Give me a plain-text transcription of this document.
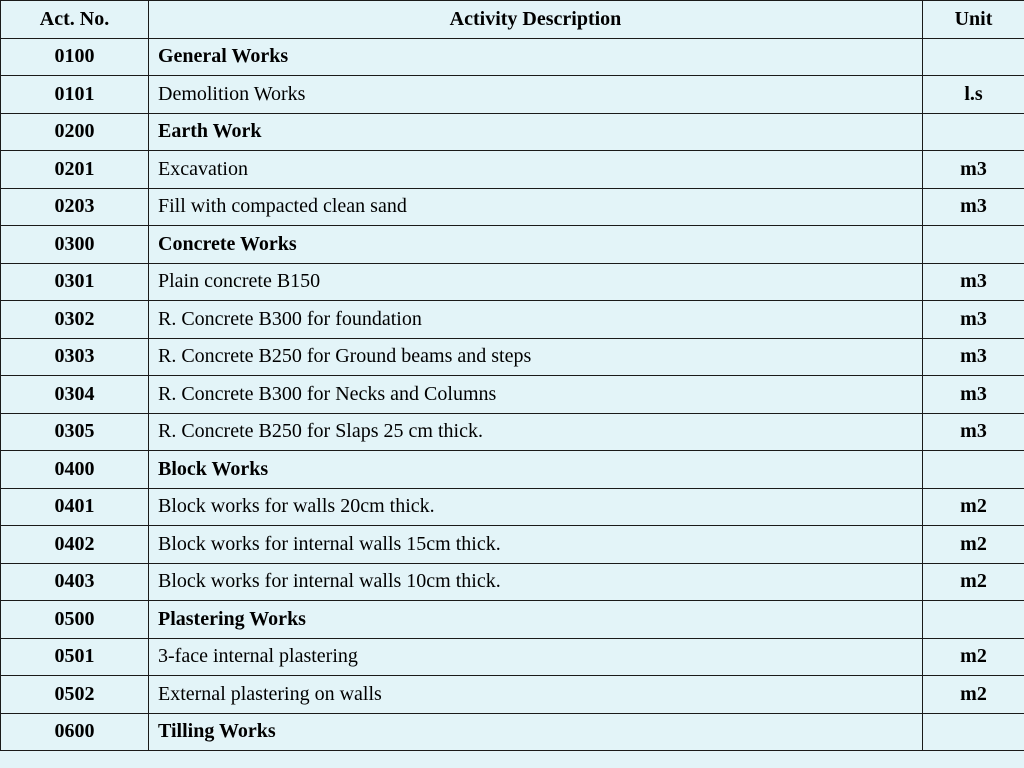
Act. No.	Activity Description	Unit
0100	General Works	
0101	Demolition Works	l.s
0200	Earth Work	
0201	Excavation	m3
0203	Fill with compacted clean sand	m3
0300	Concrete Works	
0301	Plain concrete B150	m3
0302	R. Concrete B300 for foundation	m3
0303	R. Concrete B250 for Ground beams and steps	m3
0304	R. Concrete B300 for Necks and Columns	m3
0305	R. Concrete B250 for Slaps 25 cm thick.	m3
0400	Block Works	
0401	Block works for walls 20cm thick.	m2
0402	Block works for internal walls 15cm thick.	m2
0403	Block works for internal walls 10cm thick.	m2
0500	Plastering Works	
0501	3-face internal plastering	m2
0502	External plastering on walls	m2
0600	Tilling Works	
